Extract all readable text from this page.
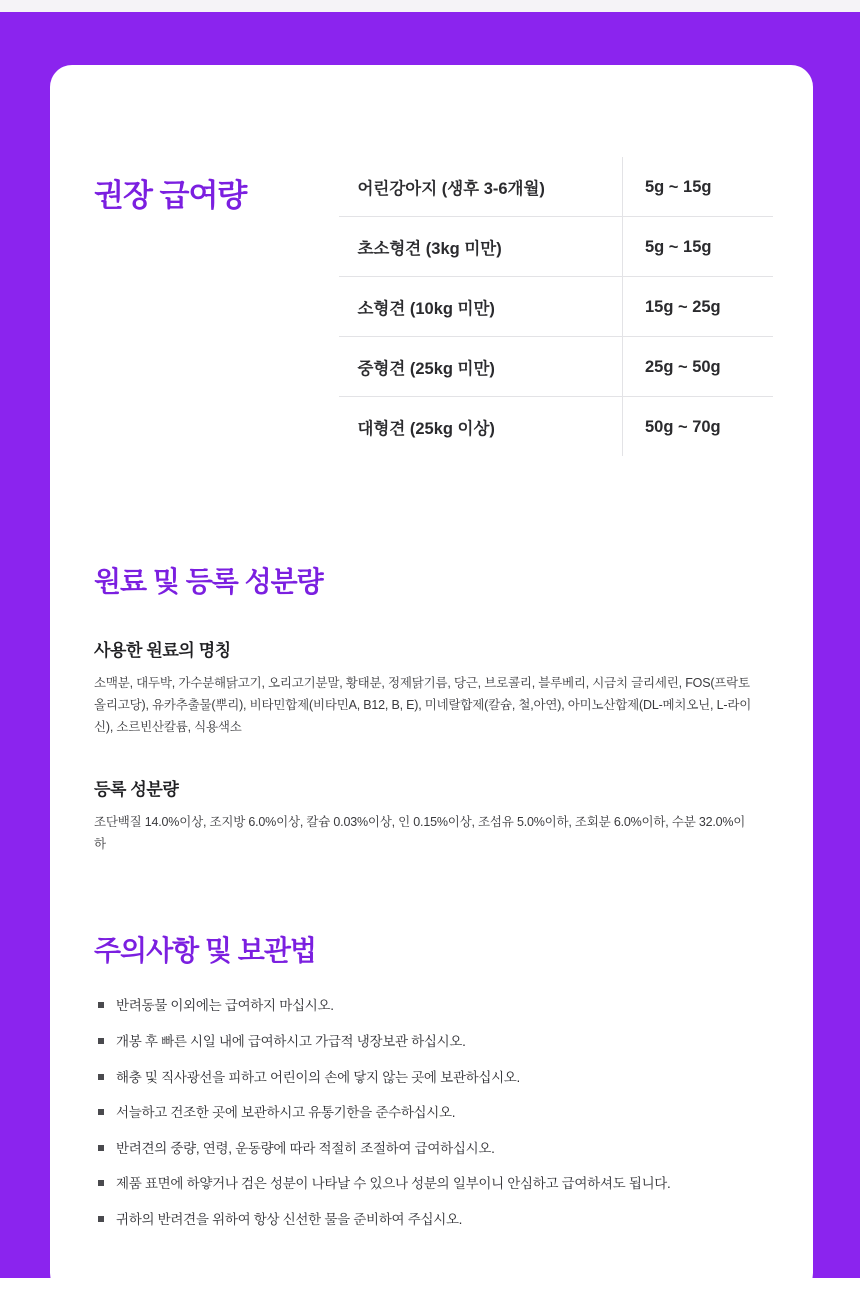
권장 급여량	어린강아지 (생후 3-6개월)	5g ~ 15g
초소형견 (3kg 미만)	5g ~ 15g
소형견 (10kg 미만)	15g ~ 25g
중형견 (25kg 미만)	25g ~ 50g
대형견 (25kg 이상)	50g ~ 70g
원료 및 등록 성분량
사용한 원료의 명칭

소맥분, 대두박, 가수분해닭고기, 오리고기분말, 황태분, 정제닭기름, 당근, 브로콜리, 블루베리, 시금치 글리세린, FOS(프락토올리고당), 유카추출물(뿌리), 비타민합제(비타민A, B12, B, E), 미네랄합제(칼슘, 철,아연), 아미노산합제(DL-메치오닌, L-라이신), 소르빈산칼륨, 식용색소

등록 성분량

조단백질 14.0%이상, 조지방 6.0%이상, 칼슘 0.03%이상, 인 0.15%이상, 조섬유 5.0%이하, 조회분 6.0%이하, 수분 32.0%이하

주의사항 및 보관법
반려동물 이외에는 급여하지 마십시오.
개봉 후 빠른 시일 내에 급여하시고 가급적 냉장보관 하십시오.
해충 및 직사광선을 피하고 어린이의 손에 닿지 않는 곳에 보관하십시오.
서늘하고 건조한 곳에 보관하시고 유통기한을 준수하십시오.
반려견의 중량, 연령, 운동량에 따라 적절히 조절하여 급여하십시오.
제품 표면에 하얗거나 검은 성분이 나타날 수 있으나 성분의 일부이니 안심하고 급여하셔도 됩니다.
귀하의 반려견을 위하여 항상 신선한 물을 준비하여 주십시오.
